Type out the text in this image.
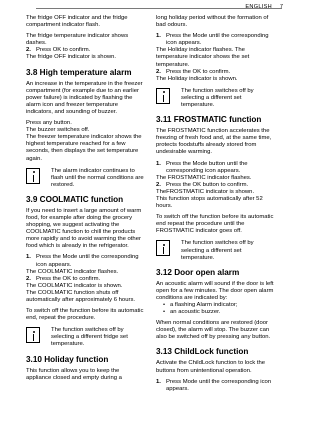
ENGLISH 7

The fridge OFF indicator and the fridge compartment indicator flash.

The fridge temperature indicator shows dashes.

2. Press OK to confirm.

The fridge OFF indicator is shown.

3.8 High temperature alarm

An increase in the temperature in the freezer compartment (for example due to an earlier power failure) is indicated by flashing the alarm icon and freezer temperature indicators, and sounding of buzzer.

Press any button.

The buzzer switches off.

The freezer temperature indicator shows the highest temperature reached for a few seconds, then displays the set temperature again.

The alarm indicator continues to flash until the normal conditions are restored.
3.9 COOLMATIC function

If you need to insert a large amount of warm food, for example after doing the grocery shopping, we suggest activating the COOLMATIC function to chill the products more rapidly and to avoid warming the other food which is already in the refrigerator.

1. Press the Mode until the corresponding icon appears.

The COOLMATIC indicator flashes.

2. Press the OK to confirm.

The COOLMATIC indicator is shown.

The COOLMATIC function shuts off automatically after approximately 6 hours.

To switch off the function before its automatic end, repeat the procedure.

The function switches off by selecting a different fridge set temperature.
3.10 Holiday function

This function allows you to keep the appliance closed and empty during a

long holiday period without the formation of bad odours.

1. Press the Mode until the corresponding icon appears.

The Holiday indicator flashes. The temperature indicator shows the set temperature.

2. Press the OK to confirm.

The Holiday indicator is shown.

The function switches off by selecting a different set temperature.
3.11 FROSTMATIC function

The FROSTMATIC function accelerates the freezing of fresh food and, at the same time, protects foodstuffs already stored from undesirable warming.

1. Press the Mode button until the corresponding icon appears.

The FROSTMATIC indicator flashes.

2. Press the OK button to confirm.

TheFROSTMATIC indicator is shown.

This function stops automatically after 52 hours.

To switch off the function before its automatic end repeat the procedure until the FROSTMATIC indicator goes off.

The function switches off by selecting a different set temperature.
3.12 Door open alarm

An acoustic alarm will sound if the door is left open for a few minutes. The door open alarm conditions are indicated by:

• a flashing Alarm indicator;
• an acoustic buzzer.

When normal conditions are restored (door closed), the alarm will stop. The buzzer can also be switched off by pressing any button.

3.13 ChildLock function

Activate the ChildLock function to lock the buttons from unintentional operation.

1. Press Mode until the corresponding icon appears.
